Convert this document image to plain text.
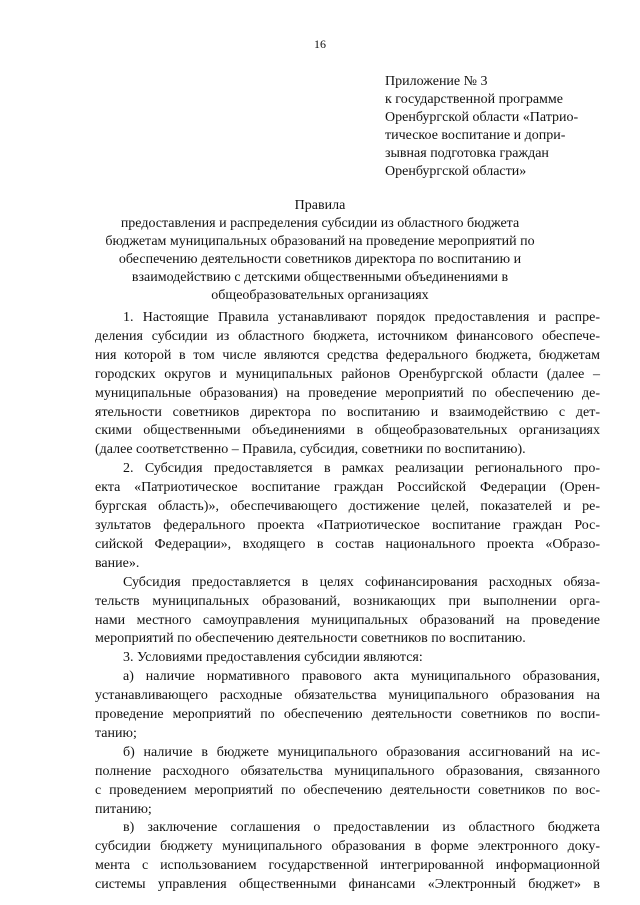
16
Приложение № 3
к государственной программе
Оренбургской области «Патрио-
тическое воспитание и допри-
зывная подготовка граждан
Оренбургской области»
Правила
предоставления и распределения субсидии из областного бюджета
бюджетам муниципальных образований на проведение мероприятий по
обеспечению деятельности советников директора по воспитанию и
взаимодействию с детскими общественными объединениями в
общеобразовательных организациях
1. Настоящие Правила устанавливают порядок предоставления и распре-
деления субсидии из областного бюджета, источником финансового обеспече-
ния которой в том числе являются средства федерального бюджета, бюджетам
городских округов и муниципальных районов Оренбургской области (далее –
муниципальные образования) на проведение мероприятий по обеспечению де-
ятельности советников директора по воспитанию и взаимодействию с дет-
скими общественными объединениями в общеобразовательных организациях
(далее соответственно – Правила, субсидия, советники по воспитанию).
2. Субсидия предоставляется в рамках реализации регионального про-
екта «Патриотическое воспитание граждан Российской Федерации (Орен-
бургская область)», обеспечивающего достижение целей, показателей и ре-
зультатов федерального проекта «Патриотическое воспитание граждан Рос-
сийской Федерации», входящего в состав национального проекта «Образо-
вание».
Субсидия предоставляется в целях софинансирования расходных обяза-
тельств муниципальных образований, возникающих при выполнении орга-
нами местного самоуправления муниципальных образований на проведение
мероприятий по обеспечению деятельности советников по воспитанию.
3. Условиями предоставления субсидии являются:
а) наличие нормативного правового акта муниципального образования,
устанавливающего расходные обязательства муниципального образования на
проведение мероприятий по обеспечению деятельности советников по воспи-
танию;
б) наличие в бюджете муниципального образования ассигнований на ис-
полнение расходного обязательства муниципального образования, связанного
с проведением мероприятий по обеспечению деятельности советников по вос-
питанию;
в) заключение соглашения о предоставлении из областного бюджета
субсидии бюджету муниципального образования в форме электронного доку-
мента с использованием государственной интегрированной информационной
системы управления общественными финансами «Электронный бюджет» в
